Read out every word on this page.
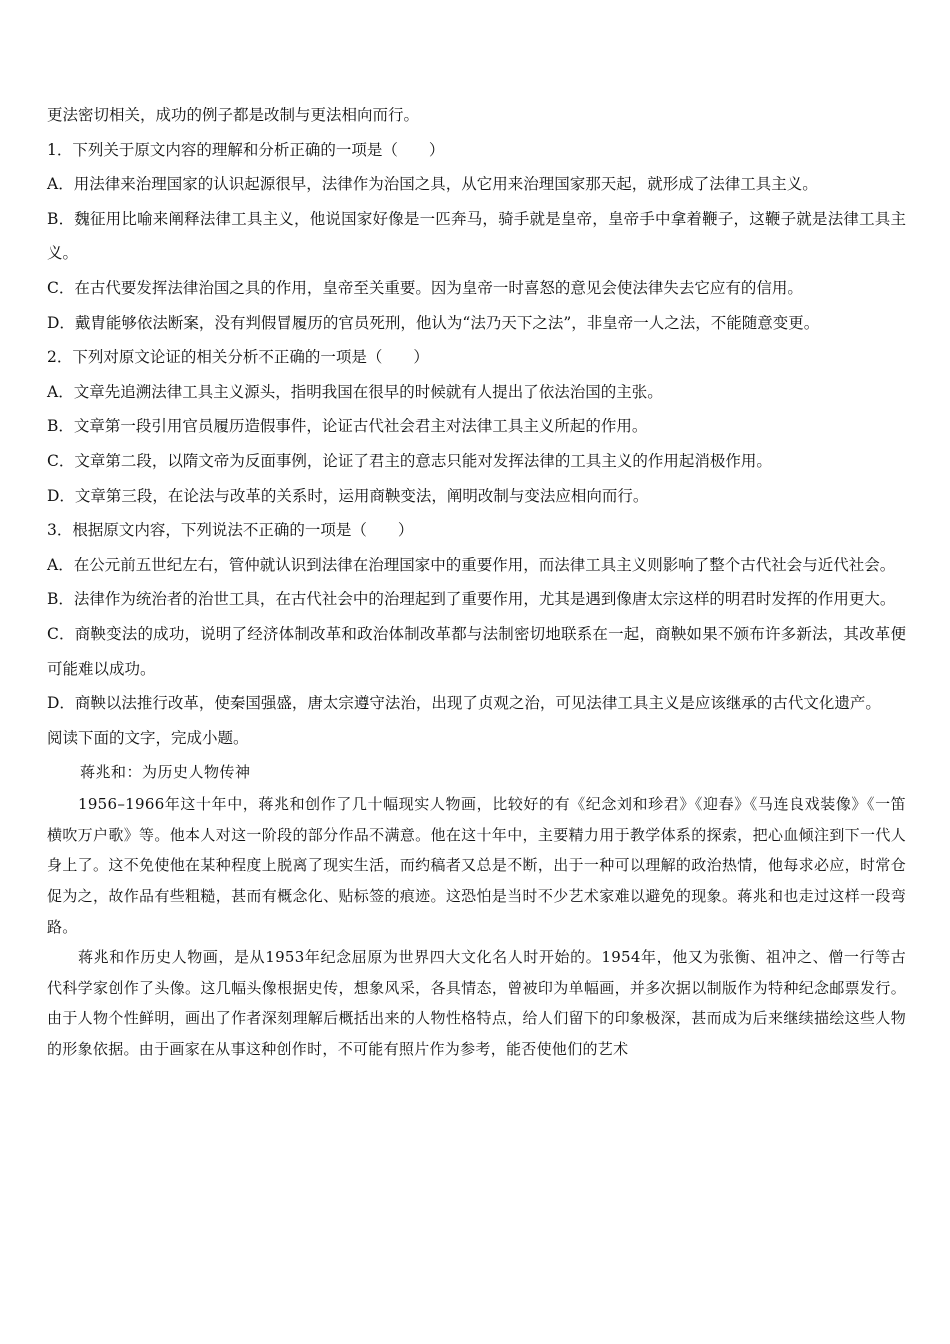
更法密切相关，成功的例子都是改制与更法相向而行。
1．下列关于原文内容的理解和分析正确的一项是（　　）
A．用法律来治理国家的认识起源很早，法律作为治国之具，从它用来治理国家那天起，就形成了法律工具主义。
B．魏征用比喻来阐释法律工具主义，他说国家好像是一匹奔马，骑手就是皇帝，皇帝手中拿着鞭子，这鞭子就是法律工具主义。
C．在古代要发挥法律治国之具的作用，皇帝至关重要。因为皇帝一时喜怒的意见会使法律失去它应有的信用。
D．戴胄能够依法断案，没有判假冒履历的官员死刑，他认为“法乃天下之法”，非皇帝一人之法，不能随意变更。
2．下列对原文论证的相关分析不正确的一项是（　　）
A．文章先追溯法律工具主义源头，指明我国在很早的时候就有人提出了依法治国的主张。
B．文章第一段引用官员履历造假事件，论证古代社会君主对法律工具主义所起的作用。
C．文章第二段，以隋文帝为反面事例，论证了君主的意志只能对发挥法律的工具主义的作用起消极作用。
D．文章第三段，在论法与改革的关系时，运用商鞅变法，阐明改制与变法应相向而行。
3．根据原文内容，下列说法不正确的一项是（　　）
A．在公元前五世纪左右，管仲就认识到法律在治理国家中的重要作用，而法律工具主义则影响了整个古代社会与近代社会。
B．法律作为统治者的治世工具，在古代社会中的治理起到了重要作用，尤其是遇到像唐太宗这样的明君时发挥的作用更大。
C．商鞅变法的成功，说明了经济体制改革和政治体制改革都与法制密切地联系在一起，商鞅如果不颁布许多新法，其改革便可能难以成功。
D．商鞅以法推行改革，使秦国强盛，唐太宗遵守法治，出现了贞观之治，可见法律工具主义是应该继承的古代文化遗产。
阅读下面的文字，完成小题。
蒋兆和：为历史人物传神
1956–1966年这十年中，蒋兆和创作了几十幅现实人物画，比较好的有《纪念刘和珍君》《迎春》《马连良戏装像》《一笛横吹万户歌》等。他本人对这一阶段的部分作品不满意。他在这十年中，主要精力用于教学体系的探索，把心血倾注到下一代人身上了。这不免使他在某种程度上脱离了现实生活，而约稿者又总是不断，出于一种可以理解的政治热情，他每求必应，时常仓促为之，故作品有些粗糙，甚而有概念化、贴标签的痕迹。这恐怕是当时不少艺术家难以避免的现象。蒋兆和也走过这样一段弯路。
蒋兆和作历史人物画，是从1953年纪念屈原为世界四大文化名人时开始的。1954年，他又为张衡、祖冲之、僧一行等古代科学家创作了头像。这几幅头像根据史传，想象风采，各具情态，曾被印为单幅画，并多次据以制版作为特种纪念邮票发行。由于人物个性鲜明，画出了作者深刻理解后概括出来的人物性格特点，给人们留下的印象极深，甚而成为后来继续描绘这些人物的形象依据。由于画家在从事这种创作时，不可能有照片作为参考，能否使他们的艺术
